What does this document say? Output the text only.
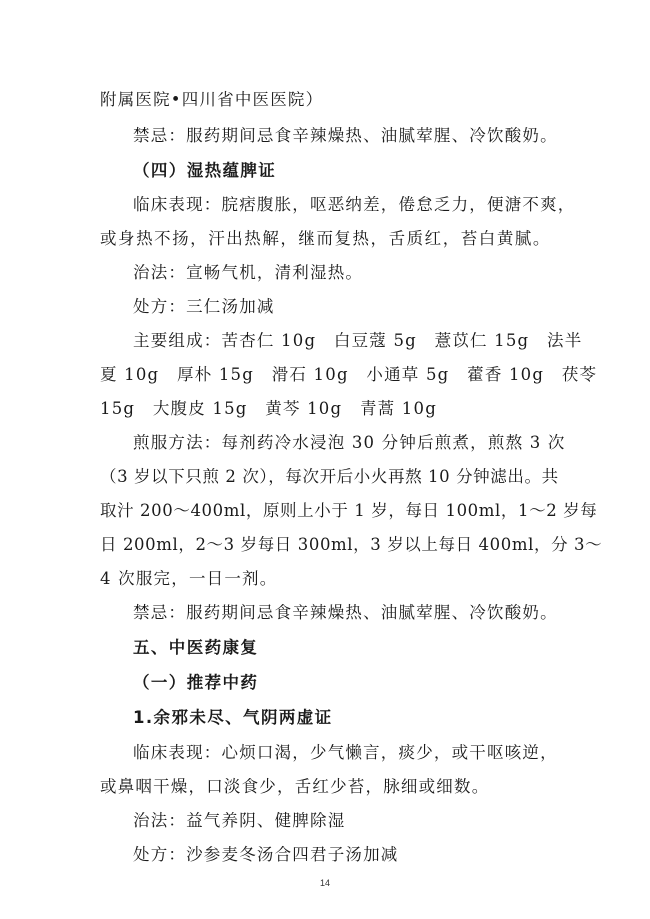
附属医院•四川省中医医院）
禁忌：服药期间忌食辛辣燥热、油腻荤腥、冷饮酸奶。
（四）湿热蕴脾证
临床表现：脘痞腹胀，呕恶纳差，倦怠乏力，便溏不爽，
或身热不扬，汗出热解，继而复热，舌质红，苔白黄腻。
治法：宣畅气机，清利湿热。
处方：三仁汤加减
主要组成：苦杏仁 10g　白豆蔻 5g　薏苡仁 15g　法半
夏 10g　厚朴 15g　滑石 10g　小通草 5g　藿香 10g　茯苓
15g　大腹皮 15g　黄芩 10g　青蒿 10g
煎服方法：每剂药冷水浸泡 30 分钟后煎煮，煎熬 3 次
（3 岁以下只煎 2 次），每次开后小火再熬 10 分钟滤出。共
取汁 200～400ml，原则上小于 1 岁，每日 100ml，1～2 岁每
日 200ml，2～3 岁每日 300ml，3 岁以上每日 400ml，分 3～
4 次服完，一日一剂。
禁忌：服药期间忌食辛辣燥热、油腻荤腥、冷饮酸奶。
五、中医药康复
（一）推荐中药
1.余邪未尽、气阴两虚证
临床表现：心烦口渴，少气懒言，痰少，或干呕咳逆，
或鼻咽干燥，口淡食少，舌红少苔，脉细或细数。
治法：益气养阴、健脾除湿
处方：沙参麦冬汤合四君子汤加减
14
